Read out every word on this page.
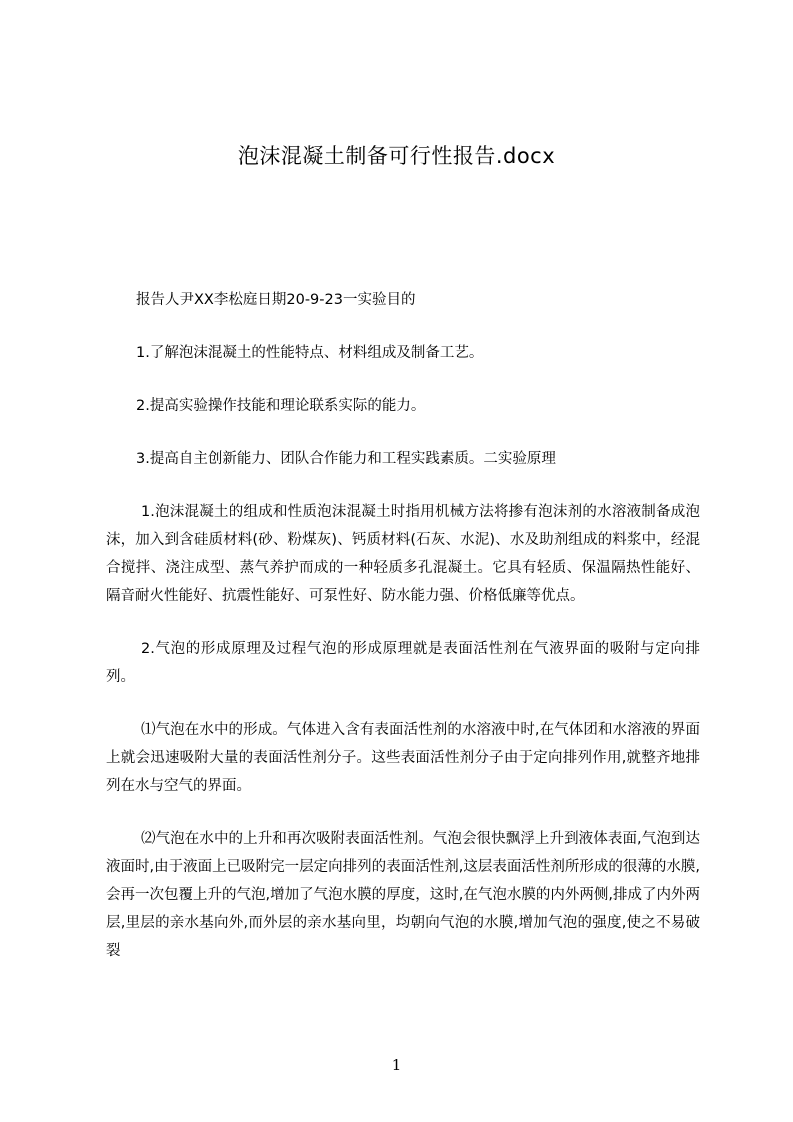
泡沫混凝土制备可行性报告.docx

报告人尹XX李松庭日期20-9-23一实验目的

1.了解泡沫混凝土的性能特点、材料组成及制备工艺。

2.提高实验操作技能和理论联系实际的能力。

3.提高自主创新能力、团队合作能力和工程实践素质。二实验原理

1.泡沫混凝土的组成和性质泡沫混凝土时指用机械方法将掺有泡沫剂的水溶液制备成泡沫，加入到含硅质材料(砂、粉煤灰)、钙质材料(石灰、水泥)、水及助剂组成的料浆中，经混合搅拌、浇注成型、蒸气养护而成的一种轻质多孔混凝土。它具有轻质、保温隔热性能好、隔音耐火性能好、抗震性能好、可泵性好、防水能力强、价格低廉等优点。

2.气泡的形成原理及过程气泡的形成原理就是表面活性剂在气液界面的吸附与定向排列。

⑴气泡在水中的形成。气体进入含有表面活性剂的水溶液中时,在气体团和水溶液的界面上就会迅速吸附大量的表面活性剂分子。这些表面活性剂分子由于定向排列作用,就整齐地排列在水与空气的界面。

⑵气泡在水中的上升和再次吸附表面活性剂。气泡会很快飘浮上升到液体表面,气泡到达液面时,由于液面上已吸附完一层定向排列的表面活性剂,这层表面活性剂所形成的很薄的水膜,会再一次包覆上升的气泡,增加了气泡水膜的厚度，这时,在气泡水膜的内外两侧,排成了内外两层,里层的亲水基向外,而外层的亲水基向里，均朝向气泡的水膜,增加气泡的强度,使之不易破裂

1
